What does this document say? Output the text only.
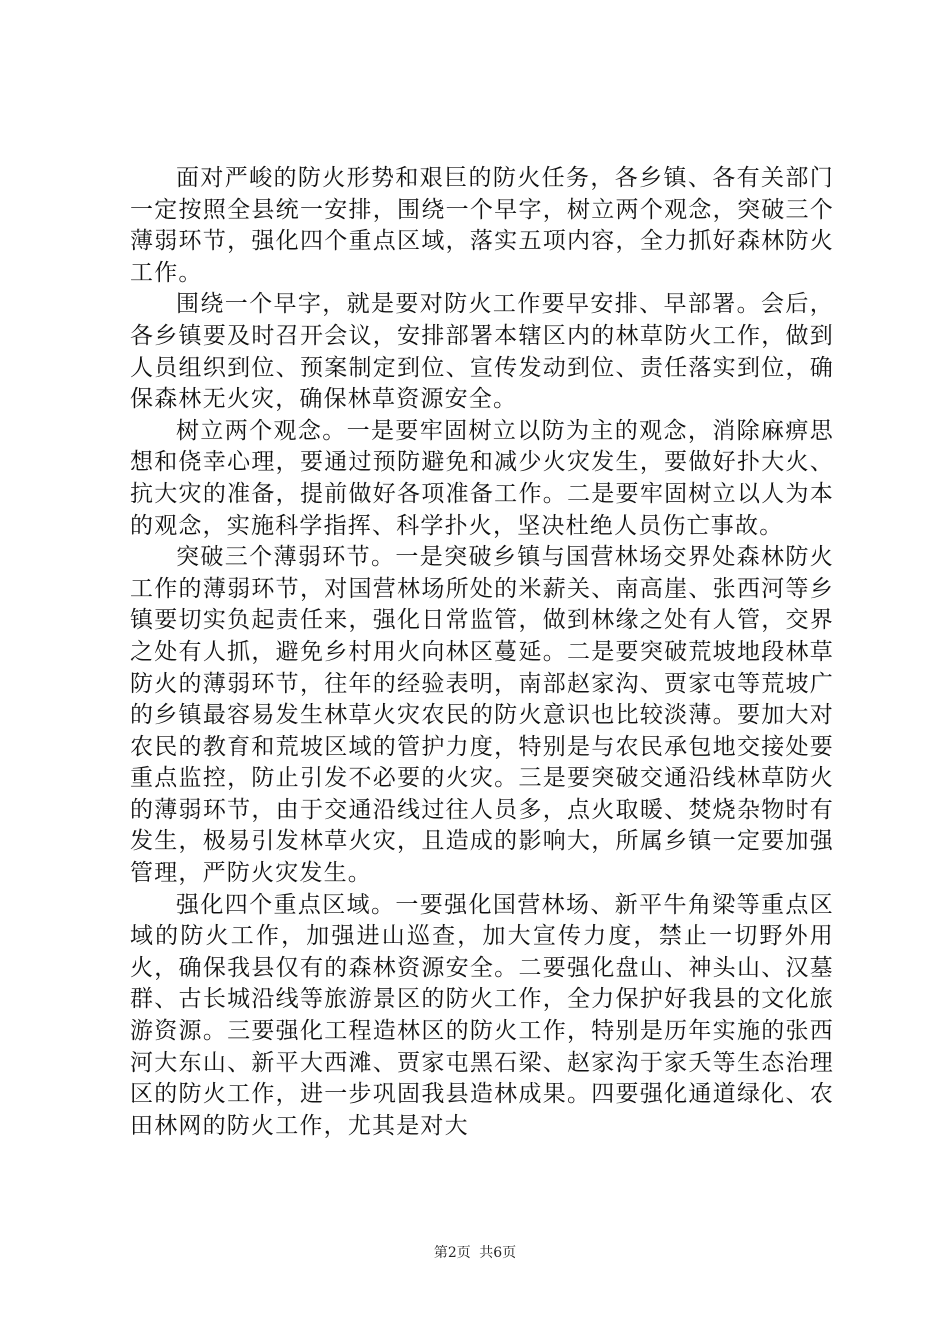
面对严峻的防火形势和艰巨的防火任务，各乡镇、各有关部门一定按照全县统一安排，围绕一个早字，树立两个观念，突破三个薄弱环节，强化四个重点区域，落实五项内容，全力抓好森林防火工作。

围绕一个早字，就是要对防火工作要早安排、早部署。会后，各乡镇要及时召开会议，安排部署本辖区内的林草防火工作，做到人员组织到位、预案制定到位、宣传发动到位、责任落实到位，确保森林无火灾，确保林草资源安全。

树立两个观念。一是要牢固树立以防为主的观念，消除麻痹思想和侥幸心理，要通过预防避免和减少火灾发生，要做好扑大火、抗大灾的准备，提前做好各项准备工作。二是要牢固树立以人为本的观念，实施科学指挥、科学扑火，坚决杜绝人员伤亡事故。

突破三个薄弱环节。一是突破乡镇与国营林场交界处森林防火工作的薄弱环节，对国营林场所处的米薪关、南高崖、张西河等乡镇要切实负起责任来，强化日常监管，做到林缘之处有人管，交界之处有人抓，避免乡村用火向林区蔓延。二是要突破荒坡地段林草防火的薄弱环节，往年的经验表明，南部赵家沟、贾家屯等荒坡广的乡镇最容易发生林草火灾农民的防火意识也比较淡薄。要加大对农民的教育和荒坡区域的管护力度，特别是与农民承包地交接处要重点监控，防止引发不必要的火灾。三是要突破交通沿线林草防火的薄弱环节，由于交通沿线过往人员多，点火取暖、焚烧杂物时有发生，极易引发林草火灾，且造成的影响大，所属乡镇一定要加强管理，严防火灾发生。

强化四个重点区域。一要强化国营林场、新平牛角梁等重点区域的防火工作，加强进山巡查，加大宣传力度，禁止一切野外用火，确保我县仅有的森林资源安全。二要强化盘山、神头山、汉墓群、古长城沿线等旅游景区的防火工作，全力保护好我县的文化旅游资源。三要强化工程造林区的防火工作，特别是历年实施的张西河大东山、新平大西滩、贾家屯黑石梁、赵家沟于家夭等生态治理区的防火工作，进一步巩固我县造林成果。四要强化通道绿化、农田林网的防火工作，尤其是对大

第2页 共6页
